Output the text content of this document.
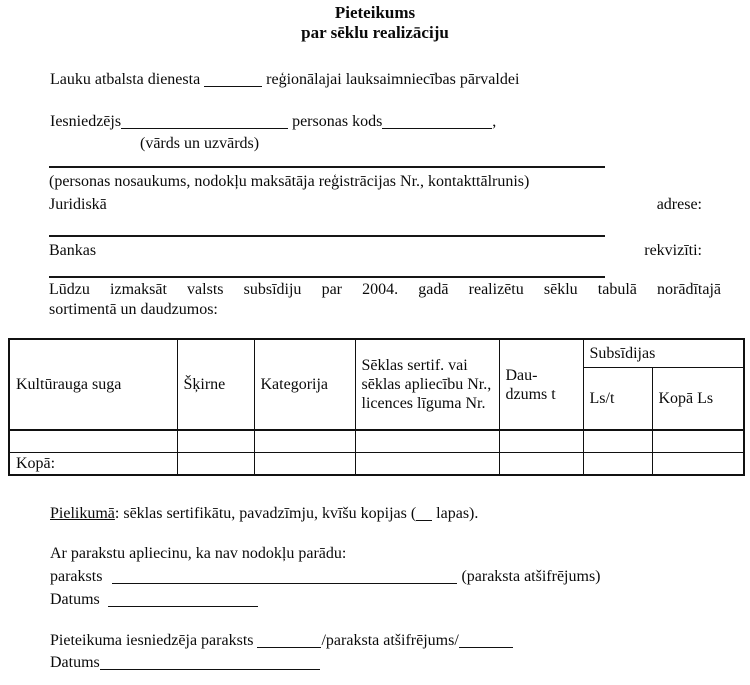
Pieteikums
par sēklu realizāciju
Lauku atbalsta dienesta	reģionālajai lauksaimniecības pārvaldei
Iesniedzējs	personas kods	,
(vārds un uzvārds)
(personas nosaukums, nodokļu maksātāja reģistrācijas Nr., kontakttālrunis)
Juridiskā	adrese:
Bankas	rekvizīti:
Lūdzu izmaksāt valsts subsīdiju par 2004. gadā realizētu sēklu tabulā norādītajā
sortimentā un daudzumos:
Kultūrauga suga	Šķirne	Kategorija	Sēklas sertif. vai sēklas apliecību Nr., licences līguma Nr.	Dau-dzums t	Subsīdijas	
					Ls/t	Kopā Ls

Kopā:						
Pielikumā: sēklas sertifikātu, pavadzīmju, kvīšu kopijas ( lapas).
Ar parakstu apliecinu, ka nav nodokļu parādu:
paraksts	(paraksta atšifrējums)
Datums
Pieteikuma iesniedzēja paraksts	/paraksta atšifrējums/
Datums
